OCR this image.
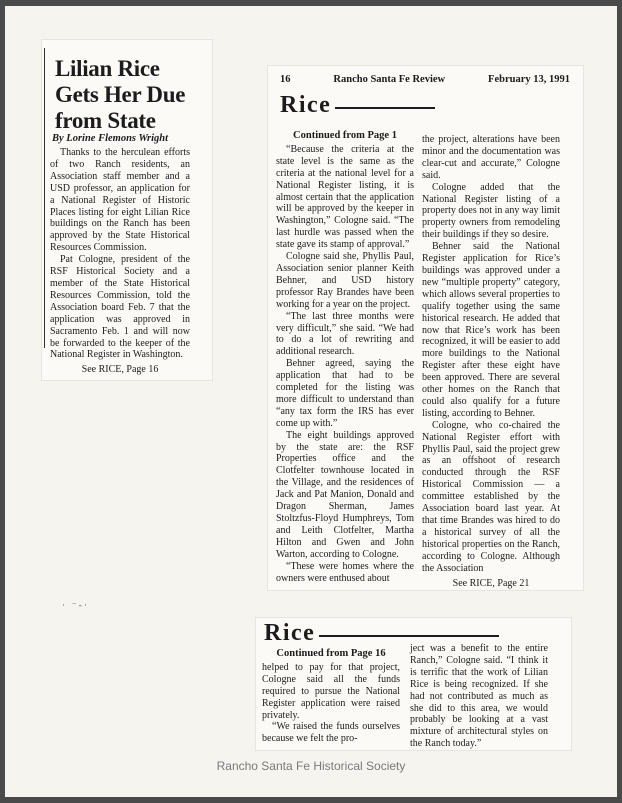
Lilian Rice
Gets Her Due
from State
By Lorine Flemons Wright

Thanks to the herculean efforts of two Ranch residents, an Association staff member and a USD professor, an application for a National Register of Historic Places listing for eight Lilian Rice buildings on the Ranch has been approved by the State Historical Resources Commission.

Pat Cologne, president of the RSF Historical Society and a member of the State Historical Resources Commission, told the Association board Feb. 7 that the application was approved in Sacramento Feb. 1 and will now be forwarded to the keeper of the National Register in Washington.

See RICE, Page 16

16	Rancho Santa Fe Review	February 13, 1991
Rice

Continued from Page 1

“Because the criteria at the state level is the same as the criteria at the national level for a National Register listing, it is almost certain that the application will be approved by the keeper in Washington,” Cologne said. “The last hurdle was passed when the state gave its stamp of approval.”

Cologne said she, Phyllis Paul, Association senior planner Keith Behner, and USD history professor Ray Brandes have been working for a year on the project.

“The last three months were very difficult,” she said. “We had to do a lot of rewriting and additional research.

Behner agreed, saying the application that had to be completed for the listing was more difficult to understand than “any tax form the IRS has ever come up with.”

The eight buildings approved by the state are: the RSF Properties office and the Clotfelter townhouse located in the Village, and the residences of Jack and Pat Manion, Donald and Dragon Sherman, James Stoltzfus-Floyd Humphreys, Tom and Leith Clotfelter, Martha Hilton and Gwen and John Warton, according to Cologne.

“These were homes where the owners were enthused about

the project, alterations have been minor and the documentation was clear-cut and accurate,” Cologne said.

Cologne added that the National Register listing of a property does not in any way limit property owners from remodeling their buildings if they so desire.

Behner said the National Register application for Rice’s buildings was approved under a new “multiple property” category, which allows several properties to qualify together using the same historical research. He added that now that Rice’s work has been recognized, it will be easier to add more buildings to the National Register after these eight have been approved. There are several other homes on the Ranch that could also qualify for a future listing, according to Behner.

Cologne, who co-chaired the National Register effort with Phyllis Paul, said the project grew as an offshoot of research conducted through the RSF Historical Commission — a committee established by the Association board last year. At that time Brandes was hired to do a historical survey of all the historical properties on the Ranch, according to Cologne. Although the Association

See RICE, Page 21

Rice

Continued from Page 16

helped to pay for that project, Cologne said all the funds required to pursue the National Register application were raised privately.

“We raised the funds ourselves because we felt the pro-

ject was a benefit to the entire Ranch,” Cologne said. “I think it is terrific that the work of Lilian Rice is being recognized. If she had not contributed as much as she did to this area, we would probably be looking at a vast mixture of architectural styles on the Ranch today.”

·   ⁻ ‐ ·
Rancho Santa Fe Historical Society
